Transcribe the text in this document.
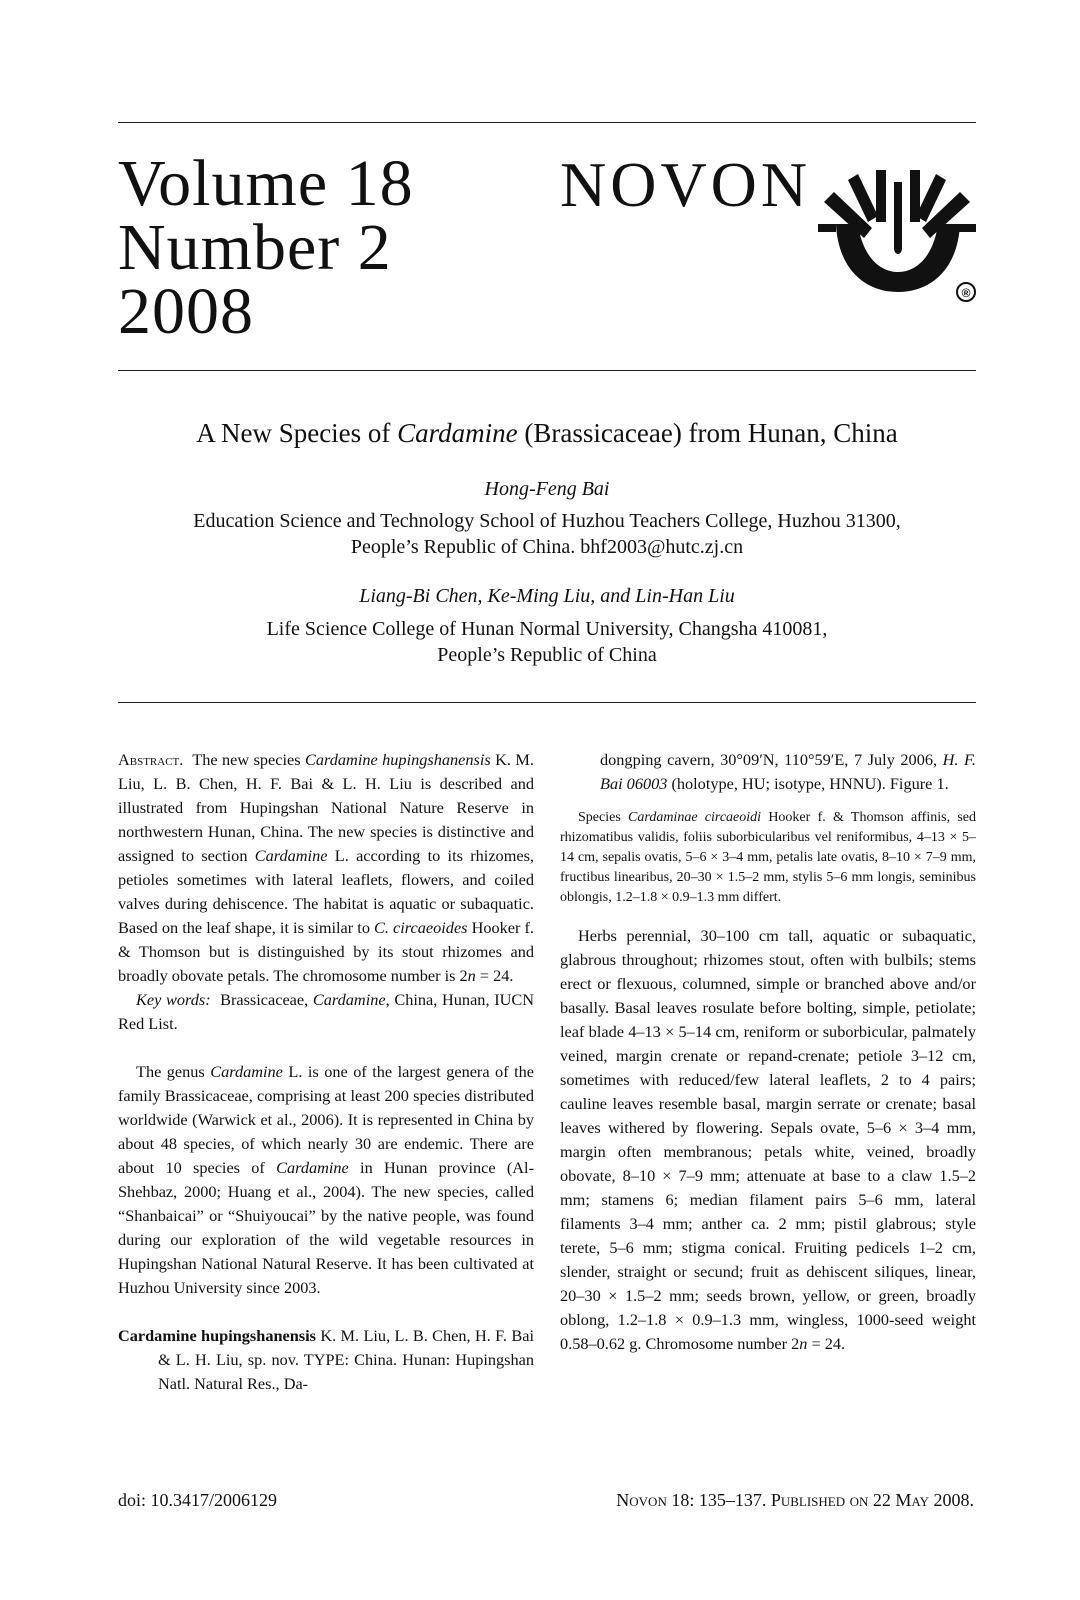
Volume 18
Number 2
2008
NOVON
®
A New Species of Cardamine (Brassicaceae) from Hunan, China
Hong-Feng Bai
Education Science and Technology School of Huzhou Teachers College, Huzhou 31300,
People’s Republic of China. bhf2003@hutc.zj.cn
Liang-Bi Chen, Ke-Ming Liu, and Lin-Han Liu
Life Science College of Hunan Normal University, Changsha 410081,
People’s Republic of China

Abstract.  The new species Cardamine hupingshanensis K. M. Liu, L. B. Chen, H. F. Bai & L. H. Liu is described and illustrated from Hupingshan National Nature Reserve in northwestern Hunan, China. The new species is distinctive and assigned to section Cardamine L. according to its rhizomes, petioles sometimes with lateral leaflets, flowers, and coiled valves during dehiscence. The habitat is aquatic or subaquatic. Based on the leaf shape, it is similar to C. circaeoides Hooker f. & Thomson but is distinguished by its stout rhizomes and broadly obovate petals. The chromosome number is 2n = 24.

Key words: Brassicaceae, Cardamine, China, Hunan, IUCN Red List.

The genus Cardamine L. is one of the largest genera of the family Brassicaceae, comprising at least 200 species distributed worldwide (Warwick et al., 2006). It is represented in China by about 48 species, of which nearly 30 are endemic. There are about 10 species of Cardamine in Hunan province (Al-Shehbaz, 2000; Huang et al., 2004). The new species, called “Shanbaicai” or “Shuiyoucai” by the native people, was found during our exploration of the wild vegetable resources in Hupingshan National Natural Reserve. It has been cultivated at Huzhou University since 2003.

Cardamine hupingshanensis K. M. Liu, L. B. Chen, H. F. Bai & L. H. Liu, sp. nov. TYPE: China. Hunan: Hupingshan Natl. Natural Res., Da-

dongping cavern, 30°09′N, 110°59′E, 7 July 2006, H. F. Bai 06003 (holotype, HU; isotype, HNNU). Figure 1.

Species Cardaminae circaeoidi Hooker f. & Thomson affinis, sed rhizomatibus validis, foliis suborbicularibus vel reniformibus, 4–13 × 5–14 cm, sepalis ovatis, 5–6 × 3–4 mm, petalis late ovatis, 8–10 × 7–9 mm, fructibus linearibus, 20–30 × 1.5–2 mm, stylis 5–6 mm longis, seminibus oblongis, 1.2–1.8 × 0.9–1.3 mm differt.

Herbs perennial, 30–100 cm tall, aquatic or subaquatic, glabrous throughout; rhizomes stout, often with bulbils; stems erect or flexuous, columned, simple or branched above and/or basally. Basal leaves rosulate before bolting, simple, petiolate; leaf blade 4–13 × 5–14 cm, reniform or suborbicular, palmately veined, margin crenate or repand-crenate; petiole 3–12 cm, sometimes with reduced/few lateral leaflets, 2 to 4 pairs; cauline leaves resemble basal, margin serrate or crenate; basal leaves withered by flowering. Sepals ovate, 5–6 × 3–4 mm, margin often membranous; petals white, veined, broadly obovate, 8–10 × 7–9 mm; attenuate at base to a claw 1.5–2 mm; stamens 6; median filament pairs 5–6 mm, lateral filaments 3–4 mm; anther ca. 2 mm; pistil glabrous; style terete, 5–6 mm; stigma conical. Fruiting pedicels 1–2 cm, slender, straight or secund; fruit as dehiscent siliques, linear, 20–30 × 1.5–2 mm; seeds brown, yellow, or green, broadly oblong, 1.2–1.8 × 0.9–1.3 mm, wingless, 1000-seed weight 0.58–0.62 g. Chromosome number 2n = 24.

doi: 10.3417/2006129	Novon 18: 135–137. Published on 22 May 2008.
